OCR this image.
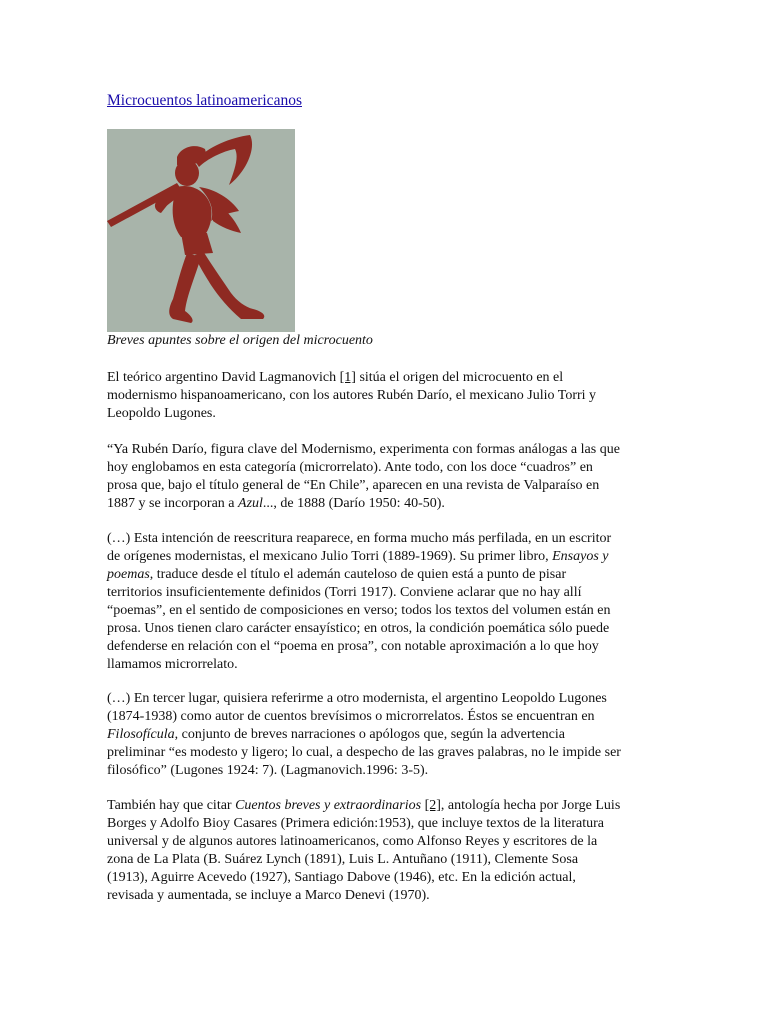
Microcuentos latinoamericanos
Breves apuntes sobre el origen del microcuento
El teórico argentino David Lagmanovich [1] sitúa el origen del microcuento en el
modernismo hispanoamericano, con los autores Rubén Darío, el mexicano Julio Torri y
Leopoldo Lugones.
“Ya Rubén Darío, figura clave del Modernismo, experimenta con formas análogas a las que
hoy englobamos en esta categoría (microrrelato). Ante todo, con los doce “cuadros” en
prosa que, bajo el título general de “En Chile”, aparecen en una revista de Valparaíso en
1887 y se incorporan a Azul..., de 1888 (Darío 1950: 40-50).
(…) Esta intención de reescritura reaparece, en forma mucho más perfilada, en un escritor
de orígenes modernistas, el mexicano Julio Torri (1889-1969). Su primer libro, Ensayos y
poemas, traduce desde el título el ademán cauteloso de quien está a punto de pisar
territorios insuficientemente definidos (Torri 1917). Conviene aclarar que no hay allí
“poemas”, en el sentido de composiciones en verso; todos los textos del volumen están en
prosa. Unos tienen claro carácter ensayístico; en otros, la condición poemática sólo puede
defenderse en relación con el “poema en prosa”, con notable aproximación a lo que hoy
llamamos microrrelato.
(…) En tercer lugar, quisiera referirme a otro modernista, el argentino Leopoldo Lugones
(1874-1938) como autor de cuentos brevísimos o microrrelatos. Éstos se encuentran en
Filosofícula, conjunto de breves narraciones o apólogos que, según la advertencia
preliminar “es modesto y ligero; lo cual, a despecho de las graves palabras, no le impide ser
filosófico” (Lugones 1924: 7). (Lagmanovich.1996: 3-5).
También hay que citar Cuentos breves y extraordinarios [2], antología hecha por Jorge Luis
Borges y Adolfo Bioy Casares (Primera edición:1953), que incluye textos de la literatura
universal y de algunos autores latinoamericanos, como Alfonso Reyes y escritores de la
zona de La Plata (B. Suárez Lynch (1891), Luis L. Antuñano (1911), Clemente Sosa
(1913), Aguirre Acevedo (1927), Santiago Dabove (1946), etc. En la edición actual,
revisada y aumentada, se incluye a Marco Denevi (1970).
